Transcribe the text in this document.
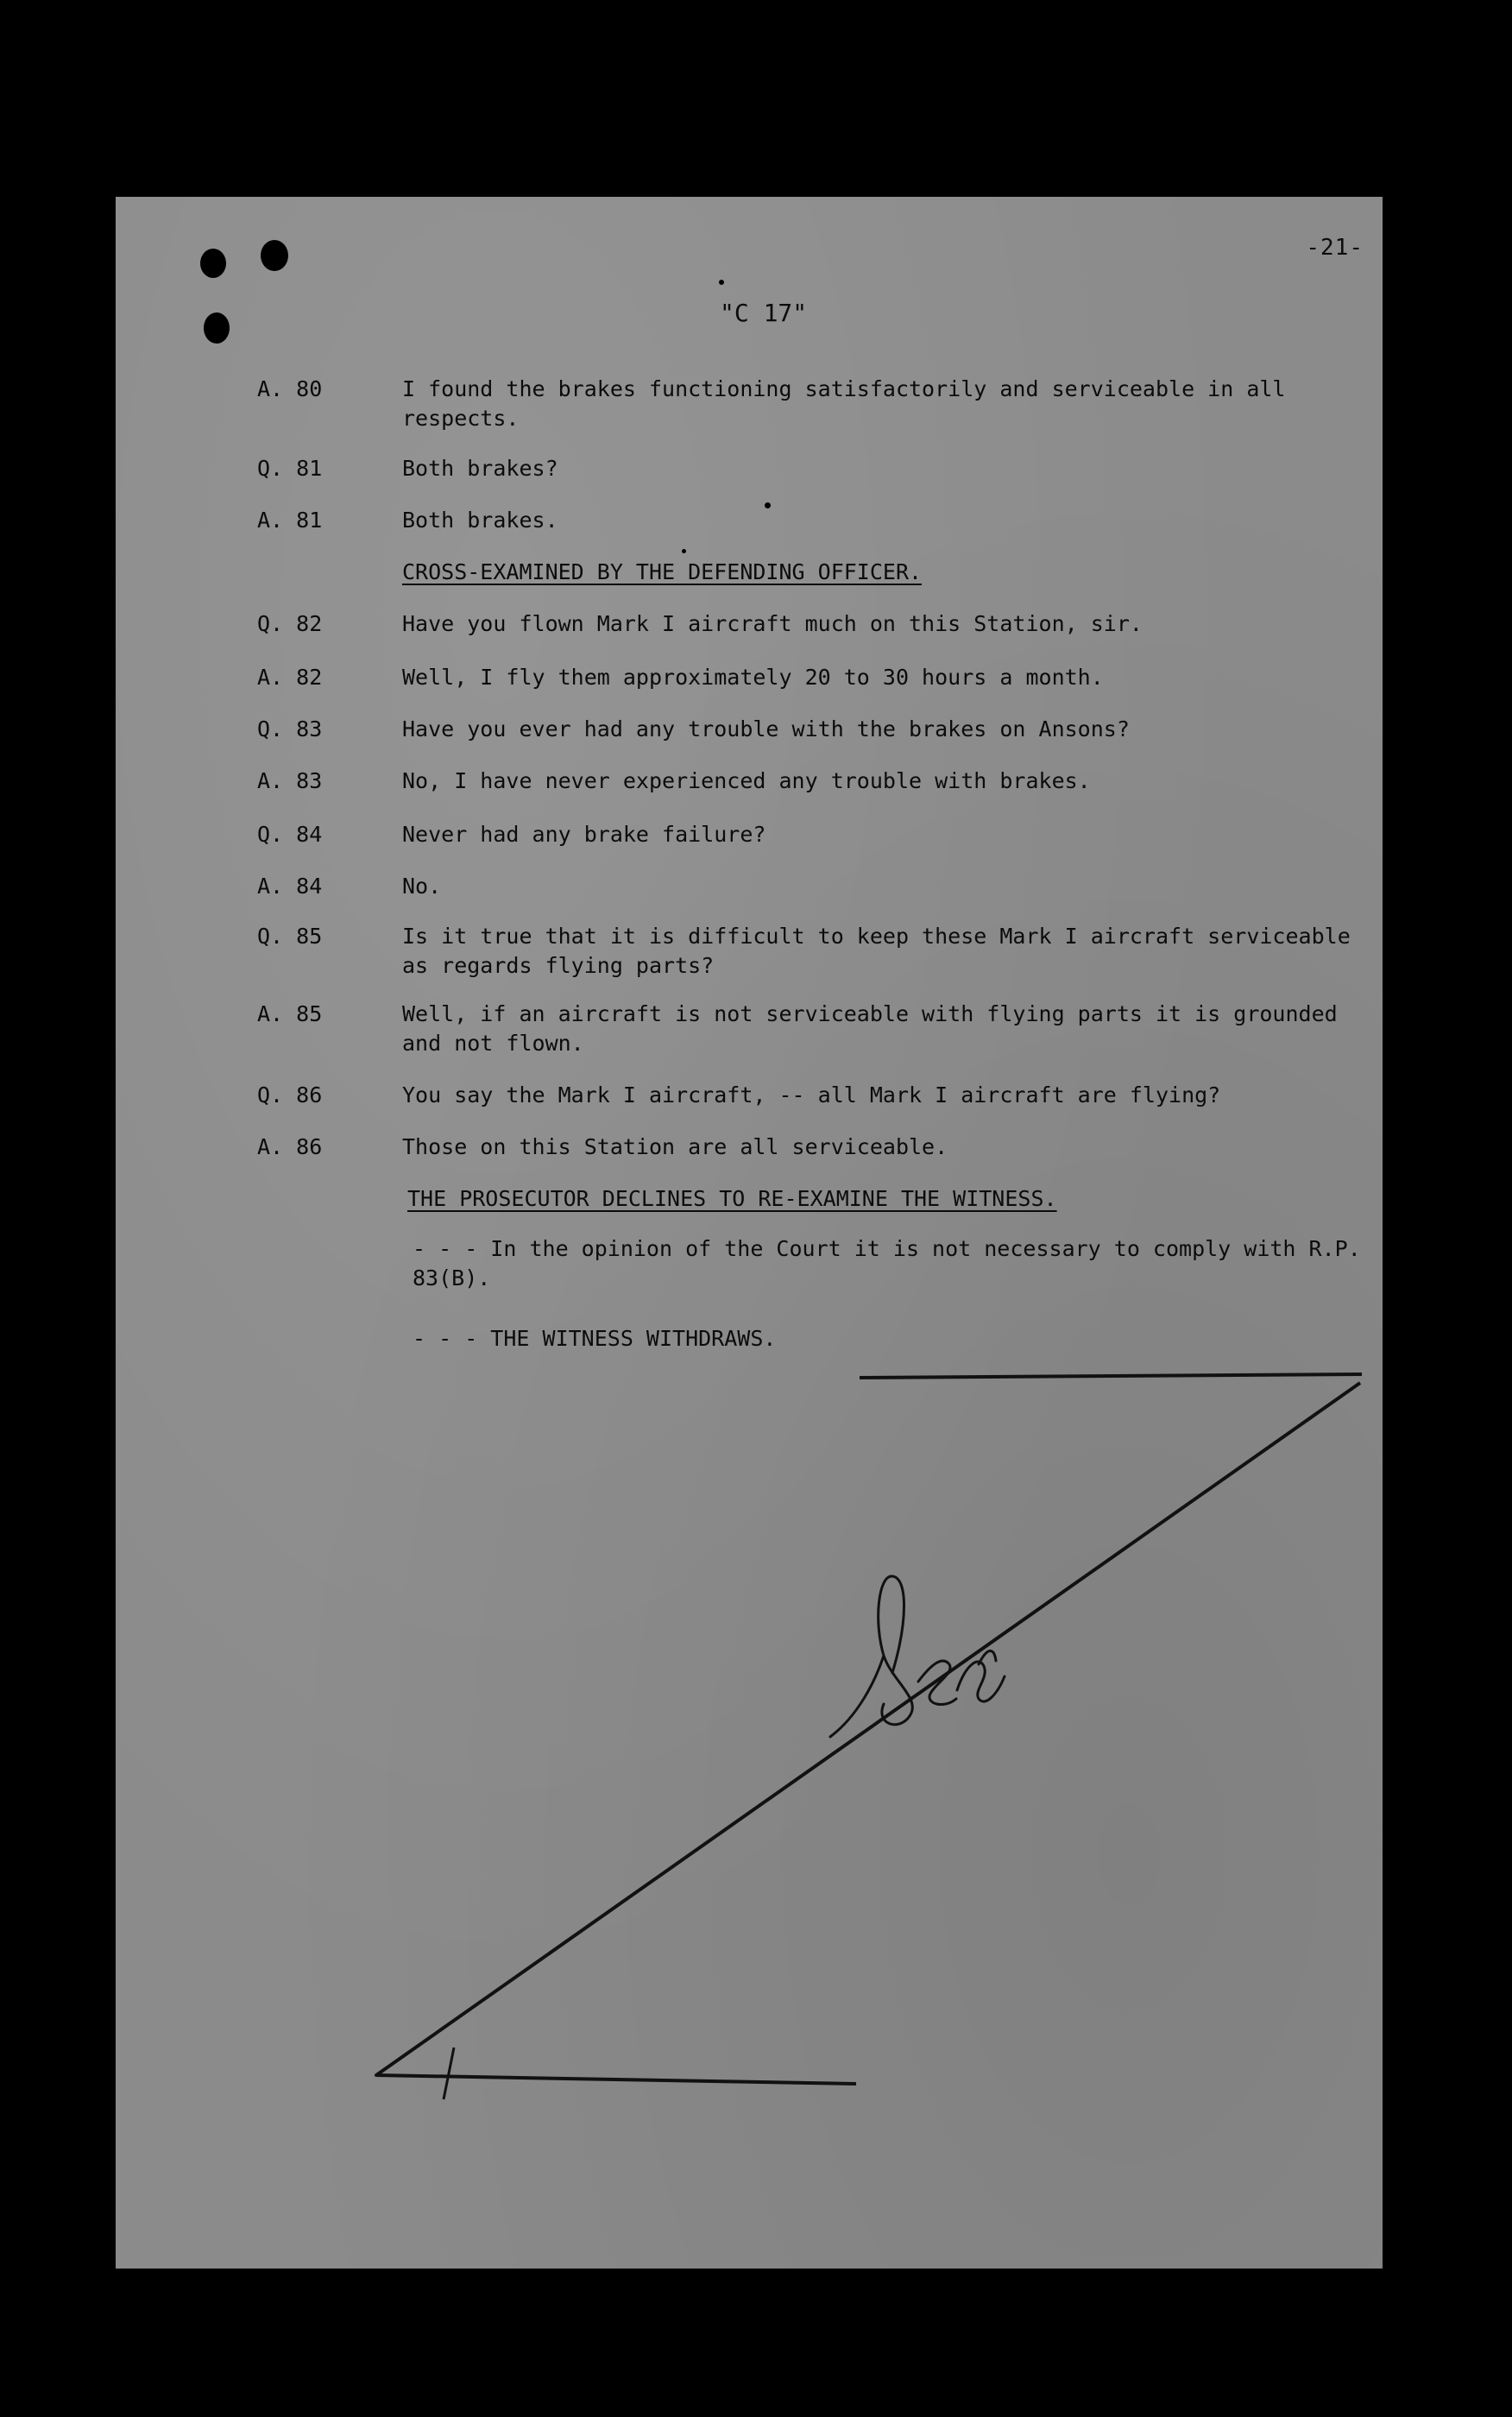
-21-
"C 17"
A. 80	I found the brakes functioning satisfactorily and serviceable in all respects.
Q. 81	Both brakes?
A. 81	Both brakes.
CROSS-EXAMINED BY THE DEFENDING OFFICER.
Q. 82	Have you flown Mark I aircraft much on this Station, sir.
A. 82	Well, I fly them approximately 20 to 30 hours a month.
Q. 83	Have you ever had any trouble with the brakes on Ansons?
A. 83	No, I have never experienced any trouble with brakes.
Q. 84	Never had any brake failure?
A. 84	No.
Q. 85	Is it true that it is difficult to keep these Mark I aircraft serviceable as regards flying parts?
A. 85	Well, if an aircraft is not serviceable with flying parts it is grounded and not flown.
Q. 86	You say the Mark I aircraft, -- all Mark I aircraft are flying?
A. 86	Those on this Station are all serviceable.
THE PROSECUTOR DECLINES TO RE-EXAMINE THE WITNESS.
- - - In the opinion of the Court it is not necessary to comply with R.P. 83(B).
- - - THE WITNESS WITHDRAWS.
